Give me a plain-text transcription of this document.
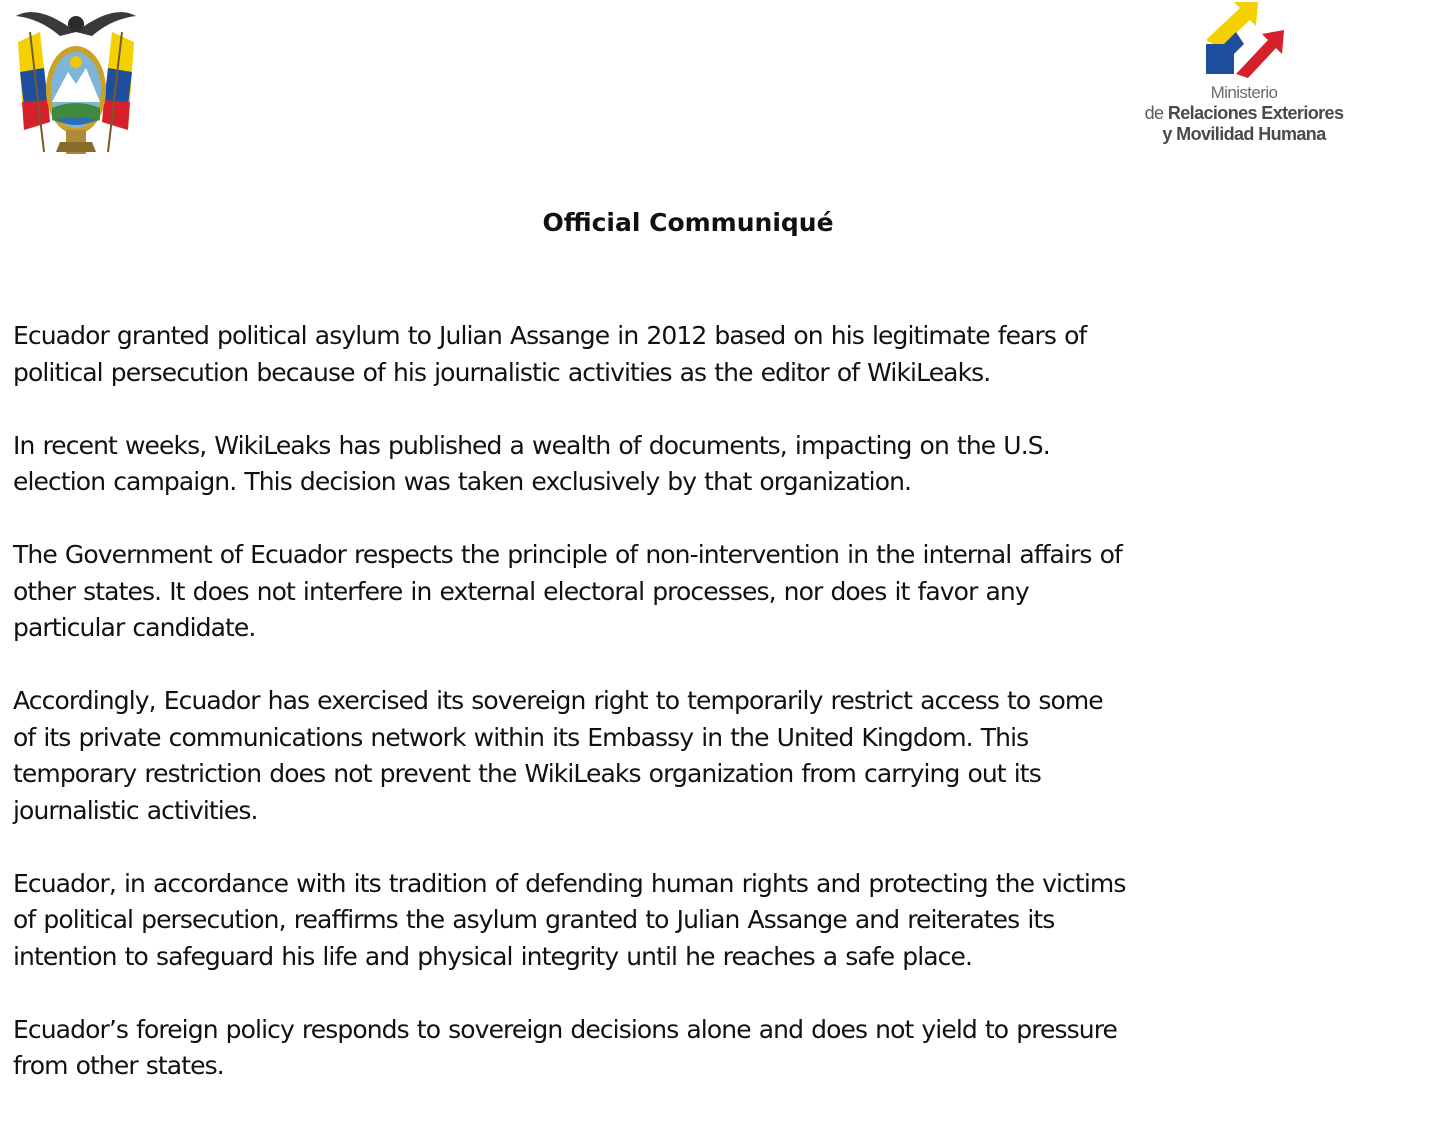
Ministerio
de Relaciones Exteriores
y Movilidad Humana
Official Communiqué

Ecuador granted political asylum to Julian Assange in 2012 based on his legitimate fears of
political persecution because of his journalistic activities as the editor of WikiLeaks.

In recent weeks, WikiLeaks has published a wealth of documents, impacting on the U.S.
election campaign. This decision was taken exclusively by that organization.

The Government of Ecuador respects the principle of non-intervention in the internal affairs of
other states. It does not interfere in external electoral processes, nor does it favor any
particular candidate.

Accordingly, Ecuador has exercised its sovereign right to temporarily restrict access to some
of its private communications network within its Embassy in the United Kingdom. This
temporary restriction does not prevent the WikiLeaks organization from carrying out its
journalistic activities.

Ecuador, in accordance with its tradition of defending human rights and protecting the victims
of political persecution, reaffirms the asylum granted to Julian Assange and reiterates its
intention to safeguard his life and physical integrity until he reaches a safe place.

Ecuador’s foreign policy responds to sovereign decisions alone and does not yield to pressure
from other states.
